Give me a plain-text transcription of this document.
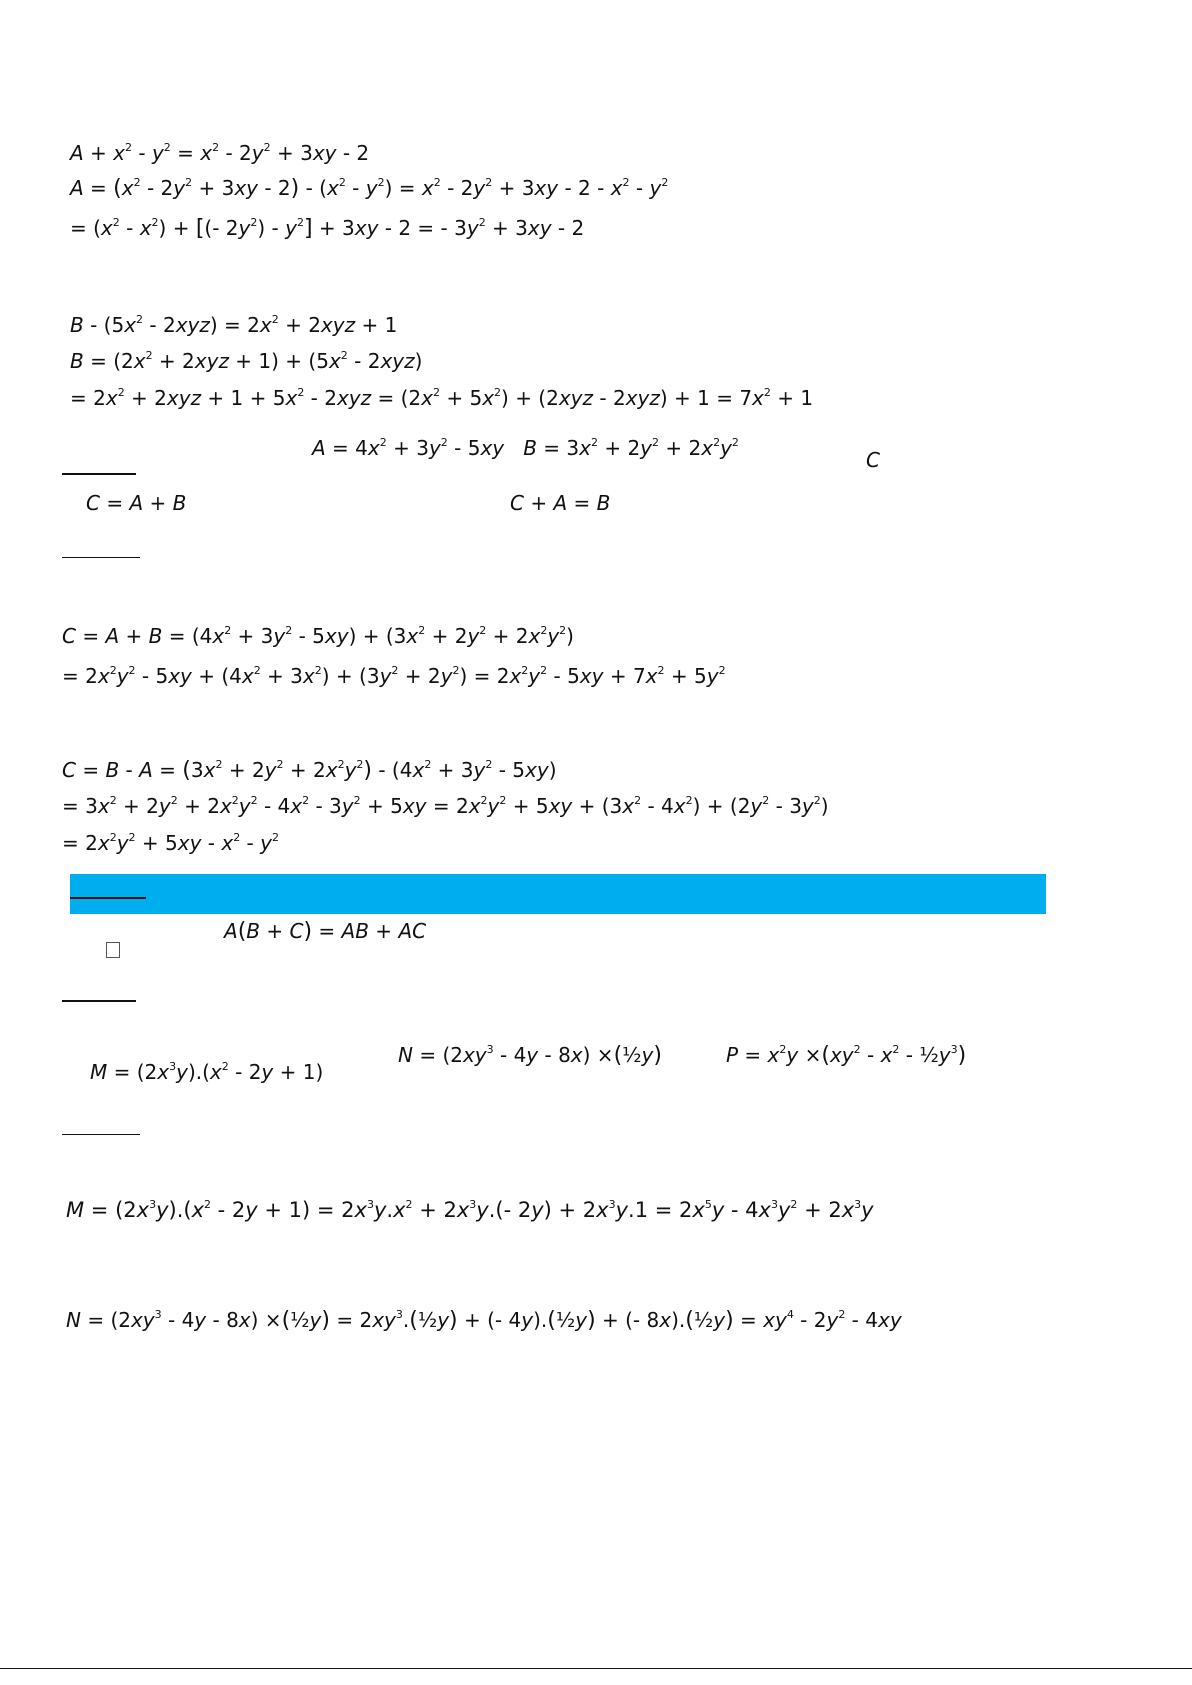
$A + x^2 - y^2 = x^2 - 2y^2 + 3xy - 2$
$A = (x^2 - 2y^2 + 3xy - 2) - (x^2 - y^2) = x^2 - 2y^2 + 3xy - 2 - x^2 - y^2$
= $(x^2 - x^2)$ + [(- $2y^2) - y^2] + 3xy - 2$ = - $3y^2 + 3xy - 2$
$B - (5x^2 - 2xyz) = 2x^2 + 2xyz + 1$
$B = (2x^2 + 2xyz + 1) + (5x^2 - 2xyz)$
= $2x^2 + 2xyz + 1 + 5x^2 - 2xyz = (2x^2 + 5x^2) + (2xyz - 2xyz) + 1 = 7x^2 + 1$
$A = 4x^2 + 3y^2 - 5xy$ $B = 3x^2 + 2y^2 + 2x^2y^2$
C
C = A + B	C + A = B
$C = A + B = (4x^2 + 3y^2 - 5xy) + (3x^2 + 2y^2 + 2x^2y^2)$
= $2x^2y^2 - 5xy + (4x^2 + 3x^2) + (3y^2 + 2y^2) = 2x^2y^2 - 5xy + 7x^2 + 5y^2$
$C = B - A = (3x^2 + 2y^2 + 2x^2y^2) - (4x^2 + 3y^2 - 5xy)$
= $3x^2 + 2y^2 + 2x^2y^2 - 4x^2 - 3y^2 + 5xy = 2x^2y^2 + 5xy + (3x^2 - 4x^2) + (2y^2 - 3y^2)$
= $2x^2y^2 + 5xy - x^2 - y^2$
A(B + C) = AB + AC
$M = (2x^3y).(x^2 - 2y + 1)$
$N = (2xy^3 - 4y - 8x)$ ×(½y)	$P = x^2y \times(xy^2 - x^2$ - $\frac{1}{2}y^3$)
$M = (2x^3y).(x^2 - 2y + 1) = 2x^3y.x^2 + 2x^3y.(-$ $2y) + 2x^3y.1 = 2x^5y - 4x^3y^2 + 2x^3y$
$N = (2xy^3 - 4y - 8x)$ ×(½y) = $2xy^3.(\frac{1}{2}y)$ + (- 4y).(½y) + (- 8x).(½y) = $xy^4 - 2y^2 - 4xy$
